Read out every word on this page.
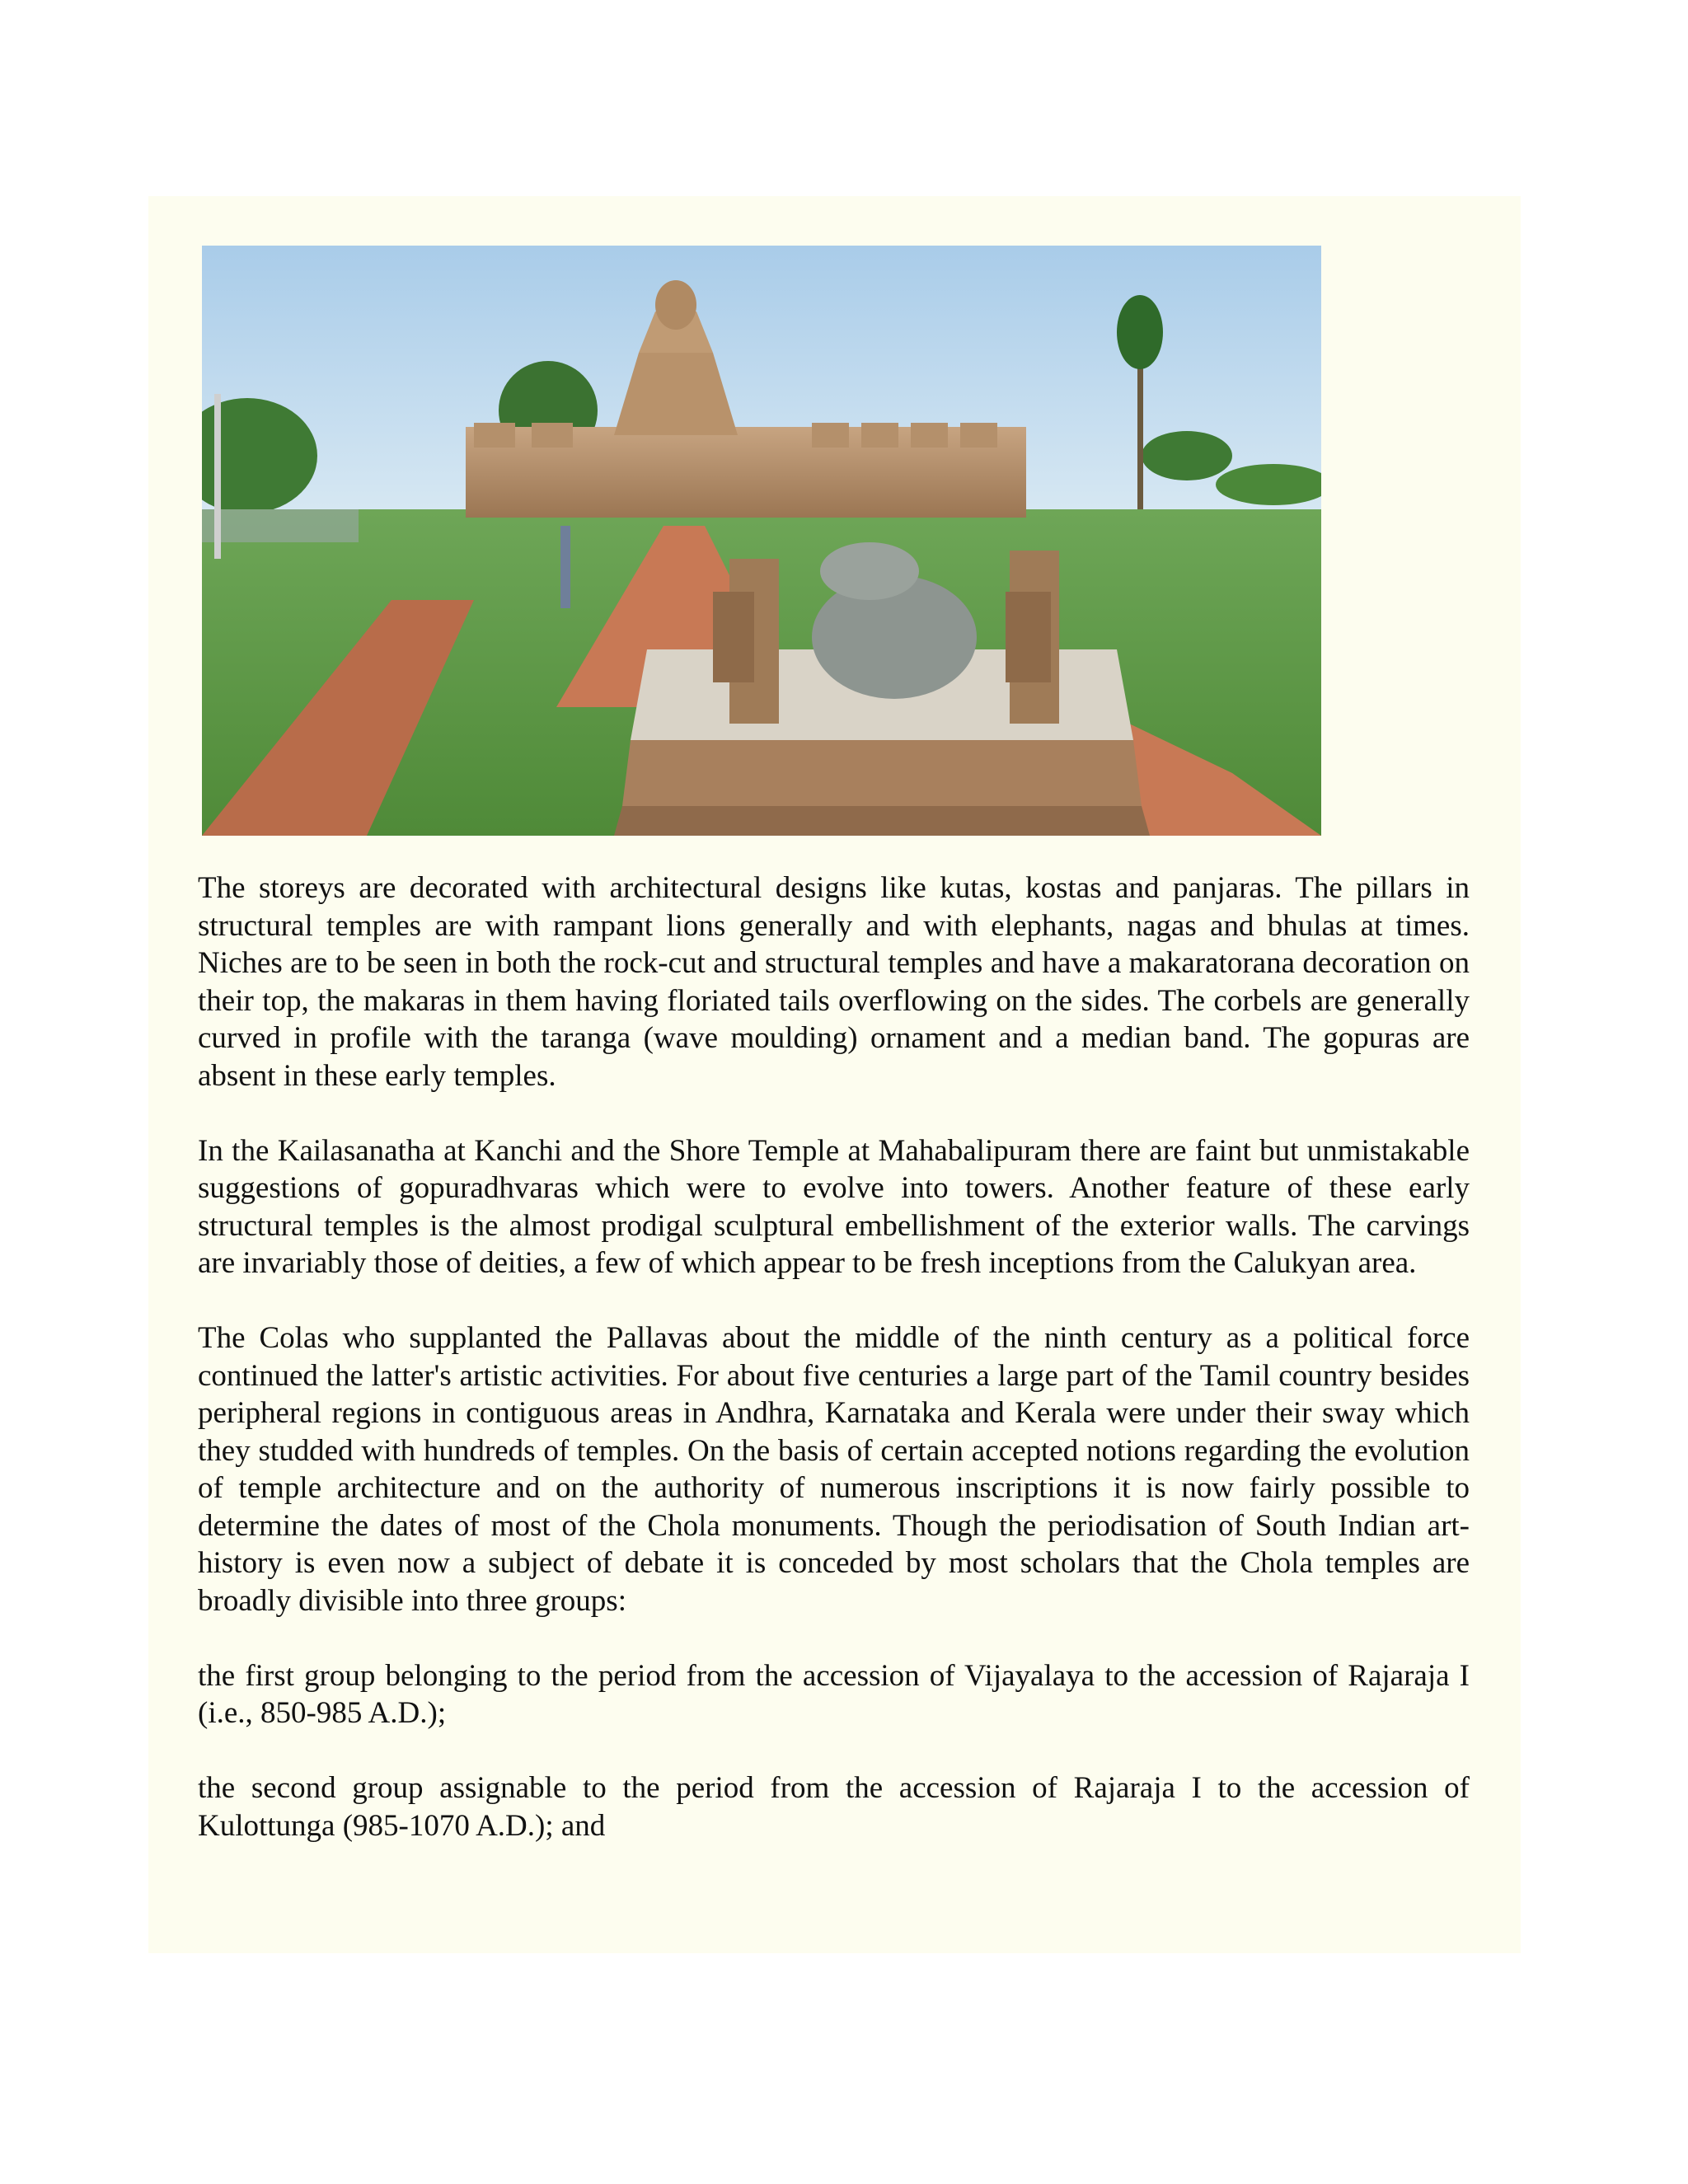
The storeys are decorated with architectural designs like kutas, kostas and panjaras. The pillars in structural temples are with rampant lions generally and with elephants, nagas and bhulas at times. Niches are to be seen in both the rock-cut and structural temples and have a makaratorana decoration on their top, the makaras in them having floriated tails overflowing on the sides. The corbels are generally curved in profile with the taranga (wave moulding) ornament and a median band. The gopuras are absent in these early temples.

In the Kailasanatha at Kanchi and the Shore Temple at Mahabalipuram there are faint but unmistakable suggestions of gopuradhvaras which were to evolve into towers. Another feature of these early structural temples is the almost prodigal sculptural embellishment of the exterior walls. The carvings are invariably those of deities, a few of which appear to be fresh inceptions from the Calukyan area.

The Colas who supplanted the Pallavas about the middle of the ninth century as a political force continued the latter's artistic activities. For about five centuries a large part of the Tamil country besides peripheral regions in contiguous areas in Andhra, Karnataka and Kerala were under their sway which they studded with hundreds of temples. On the basis of certain accepted notions regarding the evolution of temple architecture and on the authority of numerous inscriptions it is now fairly possible to determine the dates of most of the Chola monuments. Though the periodisation of South Indian art-history is even now a subject of debate it is conceded by most scholars that the Chola temples are broadly divisible into three groups:

the first group belonging to the period from the accession of Vijayalaya to the accession of Rajaraja I (i.e., 850-985 A.D.);

the second group assignable to the period from the accession of Rajaraja I to the accession of Kulottunga (985-1070 A.D.); and
